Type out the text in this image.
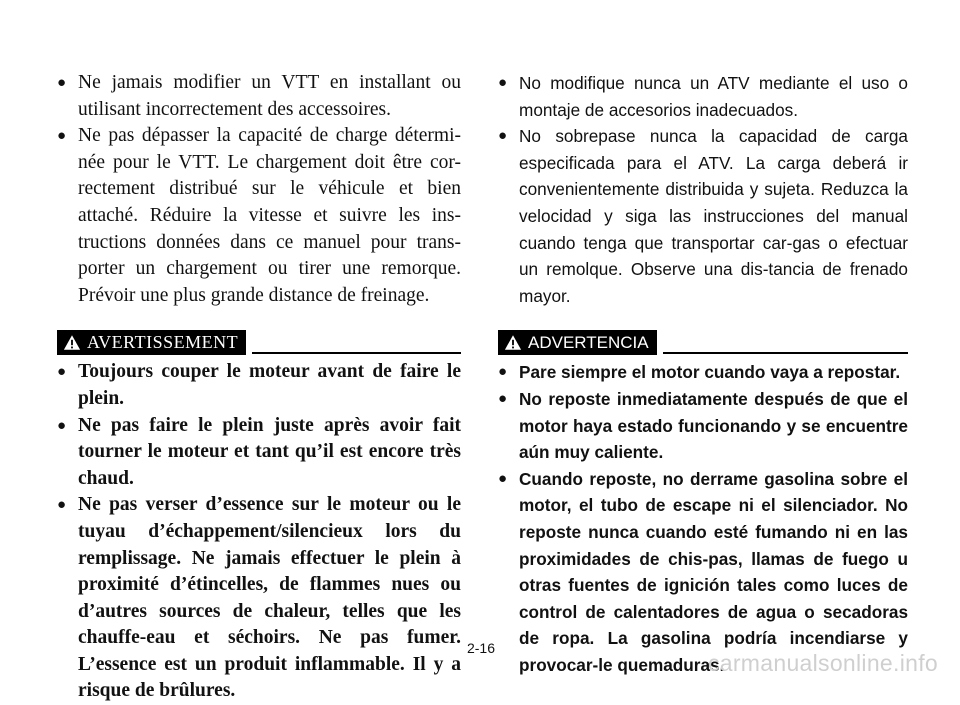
● Ne jamais modifier un VTT en installant ou utilisant incorrectement des accessoires.
● Ne pas dépasser la capacité de charge détermi-née pour le VTT. Le chargement doit être cor-rectement distribué sur le véhicule et bien attaché. Réduire la vitesse et suivre les ins-tructions données dans ce manuel pour trans-porter un chargement ou tirer une remorque. Prévoir une plus grande distance de freinage.
AVERTISSEMENT
● Toujours couper le moteur avant de faire le plein.
● Ne pas faire le plein juste après avoir fait tourner le moteur et tant qu’il est encore très chaud.
● Ne pas verser d’essence sur le moteur ou le tuyau d’échappement/silencieux lors du remplissage. Ne jamais effectuer le plein à proximité d’étincelles, de flammes nues ou d’autres sources de chaleur, telles que les chauffe-eau et séchoirs. Ne pas fumer. L’essence est un produit inflammable. Il y a risque de brûlures.
● No modifique nunca un ATV mediante el uso o montaje de accesorios inadecuados.
● No sobrepase nunca la capacidad de carga especificada para el ATV. La carga deberá ir convenientemente distribuida y sujeta. Reduzca la velocidad y siga las instrucciones del manual cuando tenga que transportar car-gas o efectuar un remolque. Observe una dis-tancia de frenado mayor.
ADVERTENCIA
● Pare siempre el motor cuando vaya a repostar.
● No reposte inmediatamente después de que el motor haya estado funcionando y se encuentre aún muy caliente.
● Cuando reposte, no derrame gasolina sobre el motor, el tubo de escape ni el silenciador. No reposte nunca cuando esté fumando ni en las proximidades de chis-pas, llamas de fuego u otras fuentes de ignición tales como luces de control de calentadores de agua o secadoras de ropa. La gasolina podría incendiarse y provocar-le quemaduras.
2-16
carmanualsonline.info
